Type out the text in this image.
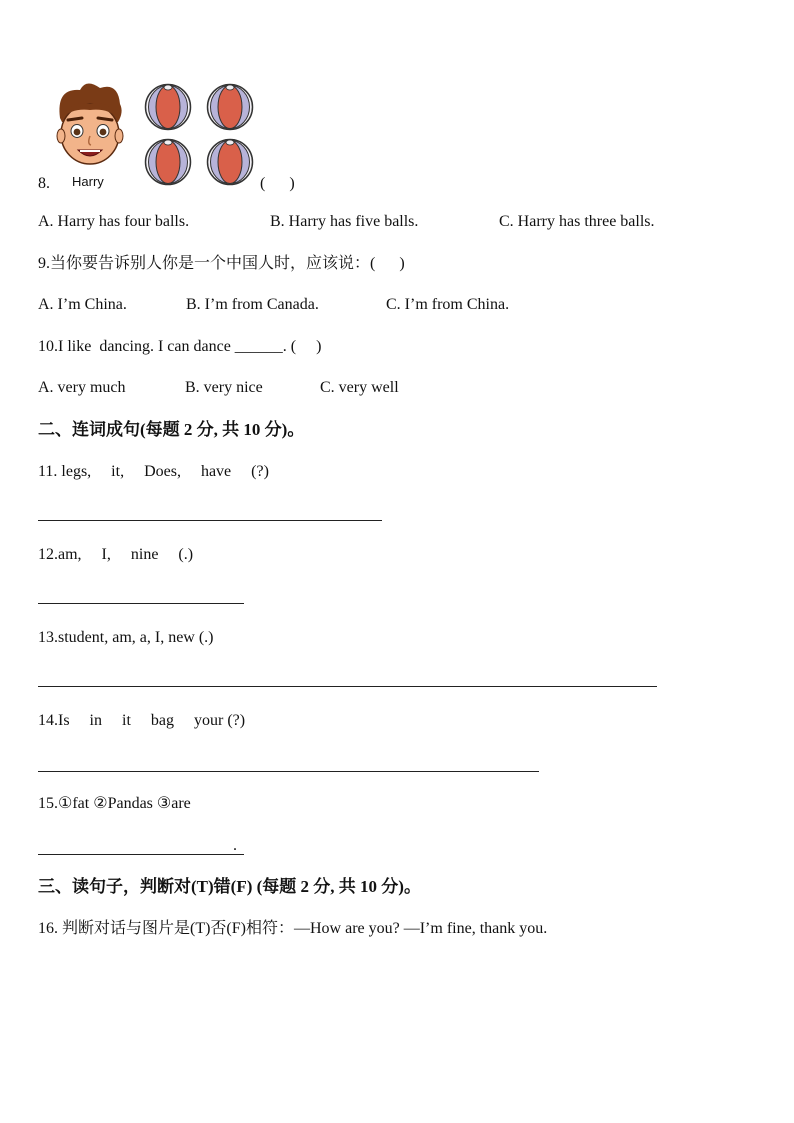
Harry
8.	(      )
A. Harry has four balls.	B. Harry has five balls.	C. Harry has three balls.
9.当你要告诉别人你是一个中国人时，应该说：(      )
A. I’m China.	B. I’m from Canada.	C. I’m from China.
10.I like  dancing. I can dance ______. (     )
A. very much	B. very nice	C. very well
二、连词成句(每题 2 分, 共 10 分)。
11. legs,     it,     Does,     have     (?)
12.am,     I,     nine     (.)
13.student, am, a, I, new (.)
14.Is     in     it     bag     your (?)
15.①fat ②Pandas ③are
.
三、读句子，判断对(T)错(F) (每题 2 分, 共 10 分)。
16. 判断对话与图片是(T)否(F)相符：—How are you? —I’m fine, thank you.
